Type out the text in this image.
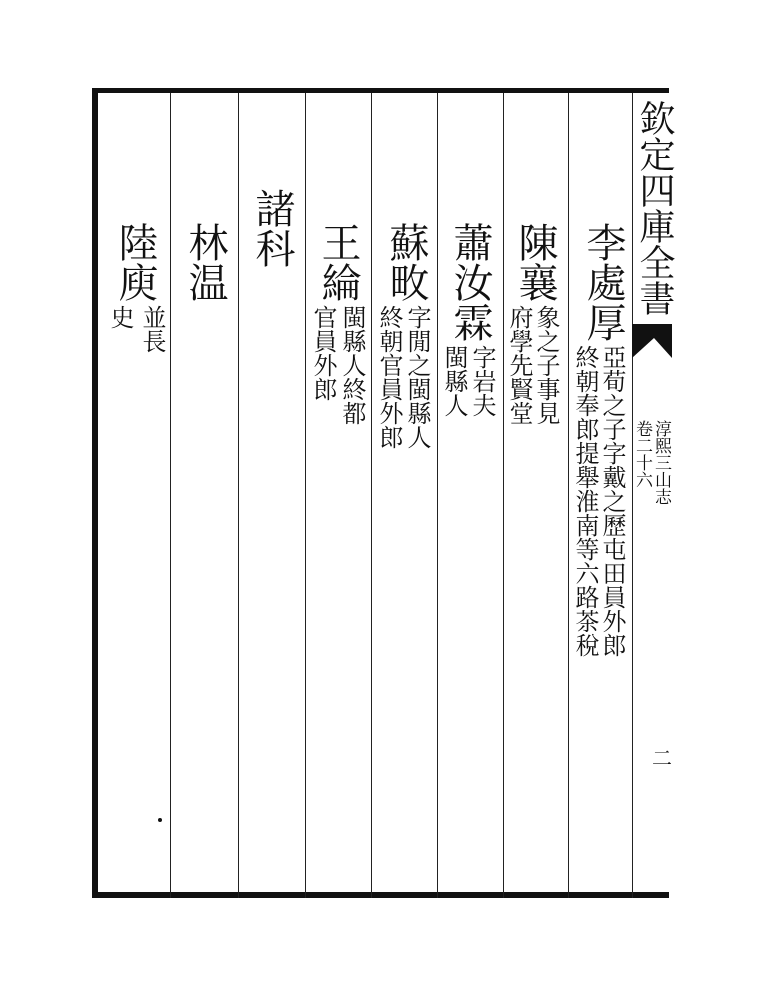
欽定四庫全書
淳熙三山志
卷二十六
二
李處厚
亞荀之子字戴之歷屯田員外郎
終朝奉郎提舉淮南等六路茶稅
陳襄
象之子事見
府學先賢堂
蕭汝霖
字岩夫
閩縣人
蘇畋
字閒之閩縣人
終朝官員外郎
王綸
閩縣人終都
官員外郎
諸科
林温
陸庾
並長
史
